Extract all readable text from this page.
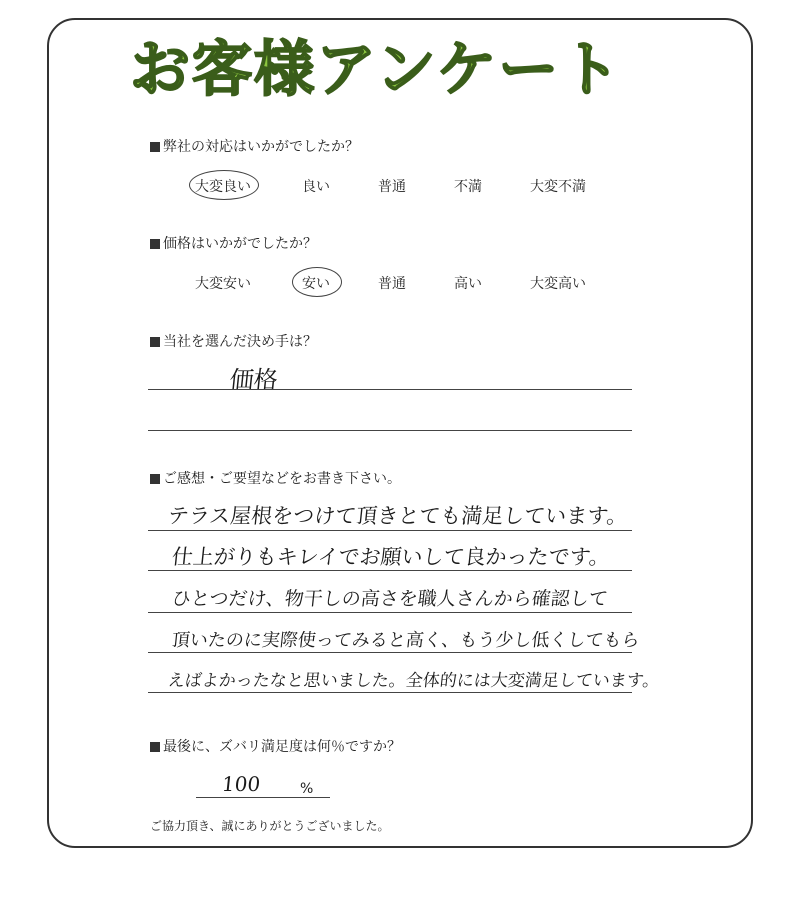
お客様アンケート
弊社の対応はいかがでしたか？
大変良い	良い	普通	不満	大変不満
価格はいかがでしたか？
大変安い	安い	普通	高い	大変高い
当社を選んだ決め手は？
価格
ご感想・ご要望などをお書き下さい。
テラス屋根をつけて頂きとても満足しています。
仕上がりもキレイでお願いして良かったです。
ひとつだけ、物干しの高さを職人さんから確認して
頂いたのに実際使ってみると高く、もう少し低くしてもら
えばよかったなと思いました。全体的には大変満足しています。
最後に、ズバリ満足度は何％ですか？
100	%
ご協力頂き、誠にありがとうございました。
